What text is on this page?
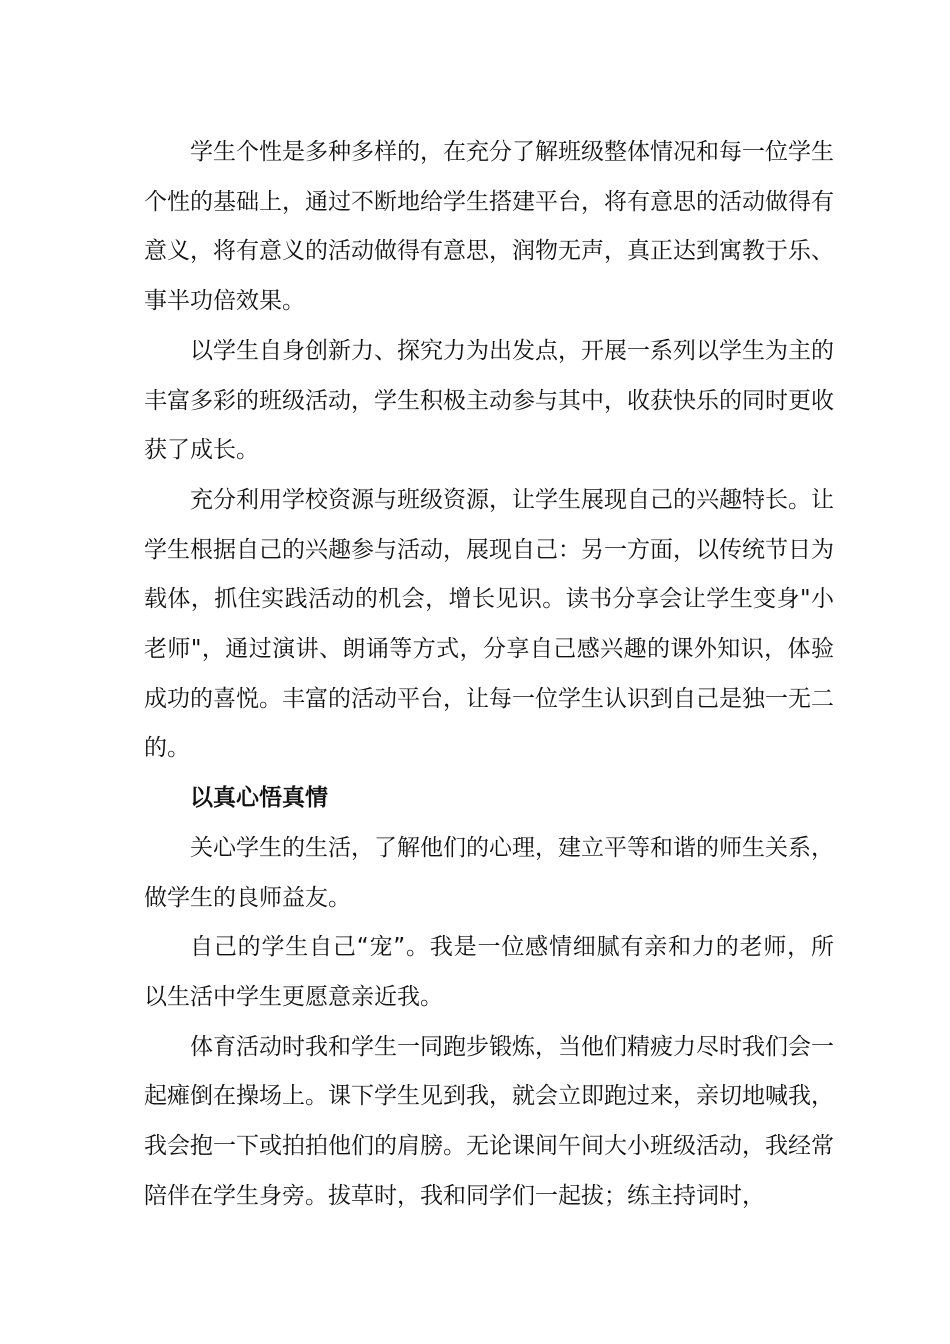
学生个性是多种多样的，在充分了解班级整体情况和每一位学生个性的基础上，通过不断地给学生搭建平台，将有意思的活动做得有意义，将有意义的活动做得有意思，润物无声，真正达到寓教于乐、事半功倍效果。

以学生自身创新力、探究力为出发点，开展一系列以学生为主的丰富多彩的班级活动，学生积极主动参与其中，收获快乐的同时更收获了成长。

充分利用学校资源与班级资源，让学生展现自己的兴趣特长。让学生根据自己的兴趣参与活动，展现自己：另一方面，以传统节日为载体，抓住实践活动的机会，增长见识。读书分享会让学生变身"小老师"，通过演讲、朗诵等方式，分享自己感兴趣的课外知识，体验成功的喜悦。丰富的活动平台，让每一位学生认识到自己是独一无二的。

以真心悟真情

关心学生的生活，了解他们的心理，建立平等和谐的师生关系，做学生的良师益友。

自己的学生自己“宠”。我是一位感情细腻有亲和力的老师，所以生活中学生更愿意亲近我。

体育活动时我和学生一同跑步锻炼，当他们精疲力尽时我们会一起瘫倒在操场上。课下学生见到我，就会立即跑过来，亲切地喊我，我会抱一下或拍拍他们的肩膀。无论课间午间大小班级活动，我经常陪伴在学生身旁。拔草时，我和同学们一起拔；练主持词时，
